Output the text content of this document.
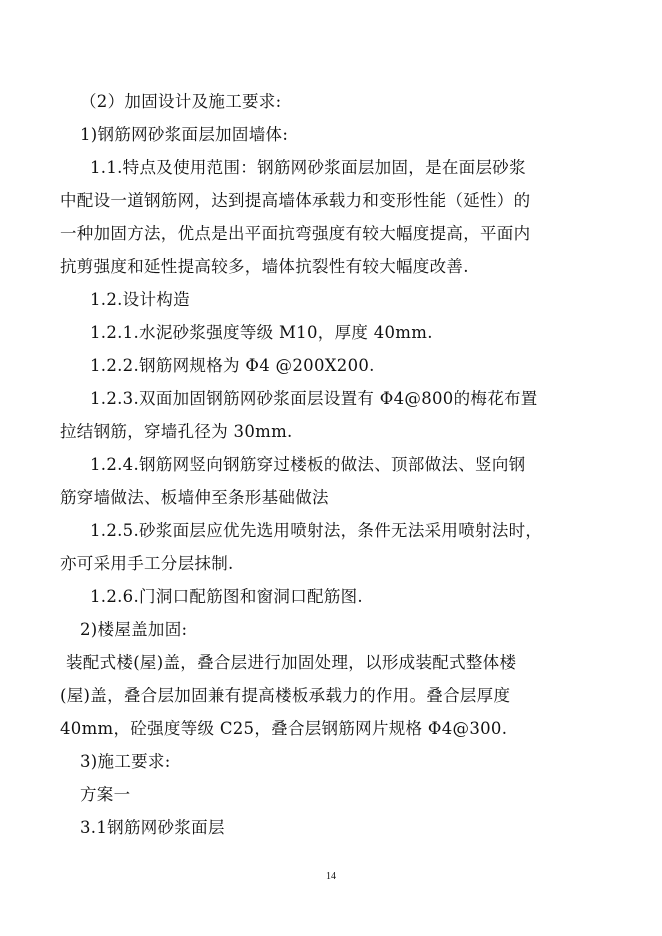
（2）加固设计及施工要求:
1)钢筋网砂浆面层加固墙体:
1.1.特点及使用范围：钢筋网砂浆面层加固，是在面层砂浆
中配设一道钢筋网，达到提高墙体承载力和变形性能（延性）的
一种加固方法，优点是出平面抗弯强度有较大幅度提高，平面内
抗剪强度和延性提高较多，墙体抗裂性有较大幅度改善.
1.2.设计构造
1.2.1.水泥砂浆强度等级 M10，厚度 40mm.
1.2.2.钢筋网规格为 Φ4 @200X200.
1.2.3.双面加固钢筋网砂浆面层设置有 Φ4@800的梅花布置
拉结钢筋，穿墙孔径为 30mm.
1.2.4.钢筋网竖向钢筋穿过楼板的做法、顶部做法、竖向钢
筋穿墙做法、板墙伸至条形基础做法
1.2.5.砂浆面层应优先选用喷射法，条件无法采用喷射法时，
亦可采用手工分层抹制.
1.2.6.门洞口配筋图和窗洞口配筋图.
2)楼屋盖加固:
装配式楼(屋)盖，叠合层进行加固处理，以形成装配式整体楼
(屋)盖，叠合层加固兼有提高楼板承载力的作用。叠合层厚度
40mm，砼强度等级 C25，叠合层钢筋网片规格 Φ4@300.
3)施工要求:
方案一
3.1钢筋网砂浆面层
14
